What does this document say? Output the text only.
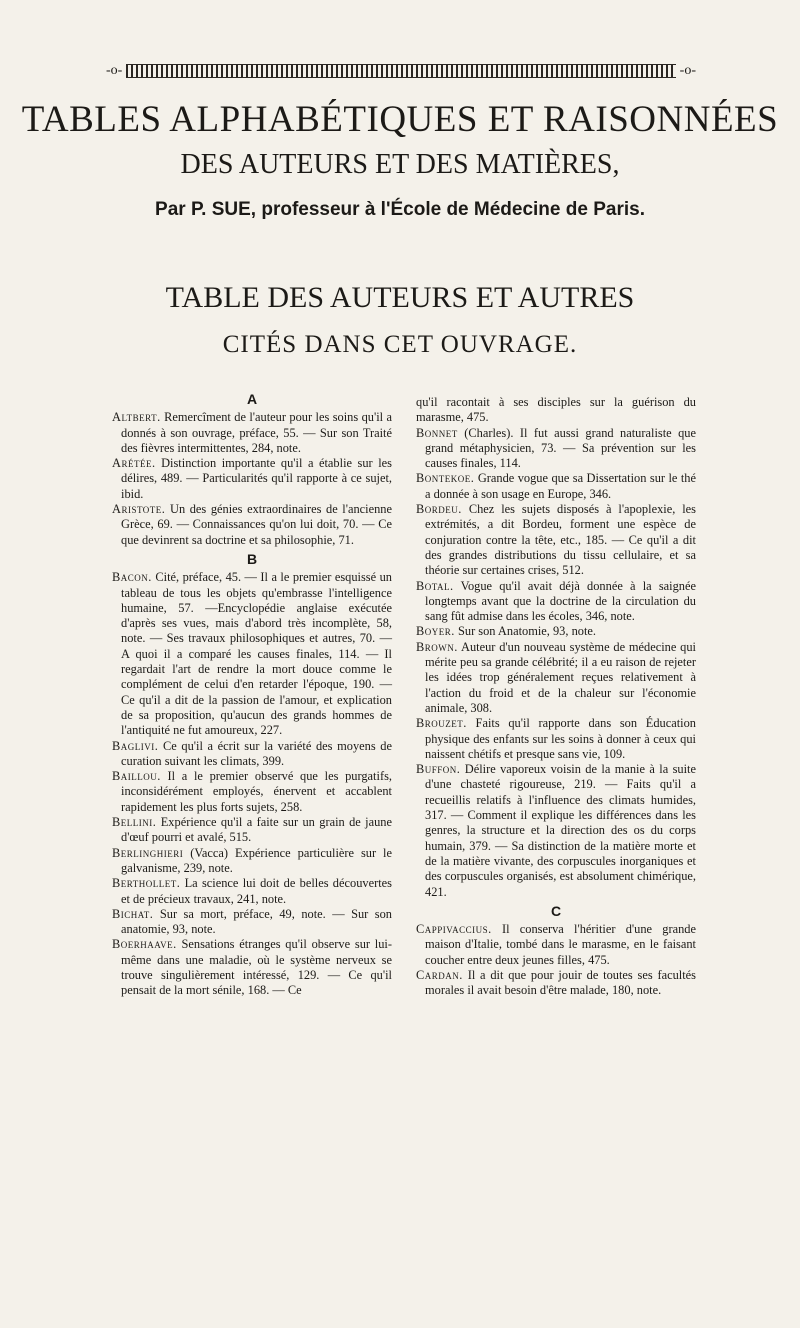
-o-	-o-
TABLES ALPHABÉTIQUES ET RAISONNÉES
DES AUTEURS ET DES MATIÈRES,
Par P. SUE, professeur à l'École de Médecine de Paris.
TABLE DES AUTEURS ET AUTRES
CITÉS DANS CET OUVRAGE.
A

Altbert. Remercîment de l'auteur pour les soins qu'il a donnés à son ouvrage, préface, 55. — Sur son Traité des fièvres intermittentes, 284, note.

Arétée. Distinction importante qu'il a établie sur les délires, 489. — Particularités qu'il rapporte à ce sujet, ibid.

Aristote. Un des génies extraordinaires de l'ancienne Grèce, 69. — Connaissances qu'on lui doit, 70. — Ce que devinrent sa doctrine et sa philosophie, 71.

B

Bacon. Cité, préface, 45. — Il a le premier esquissé un tableau de tous les objets qu'embrasse l'intelligence humaine, 57. —Encyclopédie anglaise exécutée d'après ses vues, mais d'abord très incomplète, 58, note. — Ses travaux philosophiques et autres, 70. — A quoi il a comparé les causes finales, 114. — Il regardait l'art de rendre la mort douce comme le complément de celui d'en retarder l'époque, 190. — Ce qu'il a dit de la passion de l'amour, et explication de sa proposition, qu'aucun des grands hommes de l'antiquité ne fut amoureux, 227.

Baglivi. Ce qu'il a écrit sur la variété des moyens de curation suivant les climats, 399.

Baillou. Il a le premier observé que les purgatifs, inconsidérément employés, énervent et accablent rapidement les plus forts sujets, 258.

Bellini. Expérience qu'il a faite sur un grain de jaune d'œuf pourri et avalé, 515.

Berlinghieri (Vacca) Expérience particulière sur le galvanisme, 239, note.

Berthollet. La science lui doit de belles découvertes et de précieux travaux, 241, note.

Bichat. Sur sa mort, préface, 49, note. — Sur son anatomie, 93, note.

Boerhaave. Sensations étranges qu'il observe sur lui-même dans une maladie, où le système nerveux se trouve singulièrement intéressé, 129. — Ce qu'il pensait de la mort sénile, 168. — Ce

qu'il racontait à ses disciples sur la guérison du marasme, 475.

Bonnet (Charles). Il fut aussi grand naturaliste que grand métaphysicien, 73. — Sa prévention sur les causes finales, 114.

Bontekoe. Grande vogue que sa Dissertation sur le thé a donnée à son usage en Europe, 346.

Bordeu. Chez les sujets disposés à l'apoplexie, les extrémités, a dit Bordeu, forment une espèce de conjuration contre la tête, etc., 185. — Ce qu'il a dit des grandes distributions du tissu cellulaire, et sa théorie sur certaines crises, 512.

Botal. Vogue qu'il avait déjà donnée à la saignée longtemps avant que la doctrine de la circulation du sang fût admise dans les écoles, 346, note.

Boyer. Sur son Anatomie, 93, note.

Brown. Auteur d'un nouveau système de médecine qui mérite peu sa grande célébrité; il a eu raison de rejeter les idées trop généralement reçues relativement à l'action du froid et de la chaleur sur l'économie animale, 308.

Brouzet. Faits qu'il rapporte dans son Éducation physique des enfants sur les soins à donner à ceux qui naissent chétifs et presque sans vie, 109.

Buffon. Délire vaporeux voisin de la manie à la suite d'une chasteté rigoureuse, 219. — Faits qu'il a recueillis relatifs à l'influence des climats humides, 317. — Comment il explique les différences dans les genres, la structure et la direction des os du corps humain, 379. — Sa distinction de la matière morte et de la matière vivante, des corpuscules inorganiques et des corpuscules organisés, est absolument chimérique, 421.

C

Cappivaccius. Il conserva l'héritier d'une grande maison d'Italie, tombé dans le marasme, en le faisant coucher entre deux jeunes filles, 475.

Cardan. Il a dit que pour jouir de toutes ses facultés morales il avait besoin d'être malade, 180, note.
